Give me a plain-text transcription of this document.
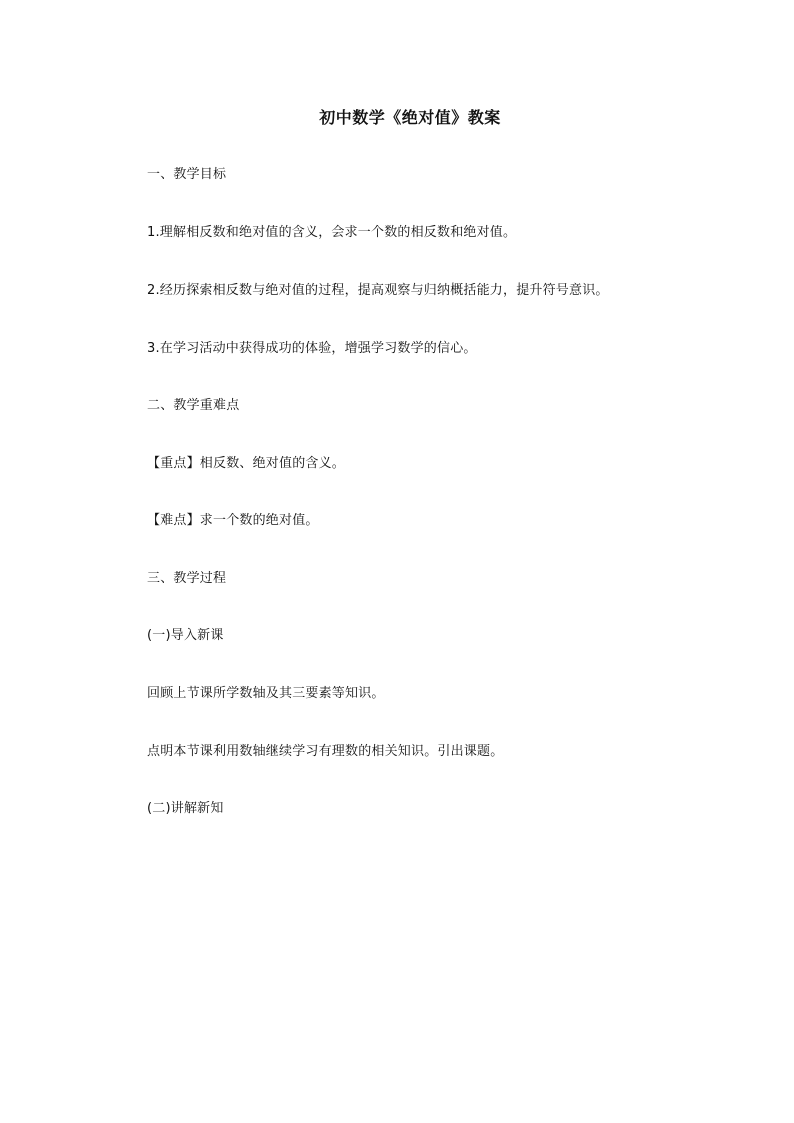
初中数学《绝对值》教案
一、教学目标
1.理解相反数和绝对值的含义，会求一个数的相反数和绝对值。
2.经历探索相反数与绝对值的过程，提高观察与归纳概括能力，提升符号意识。
3.在学习活动中获得成功的体验，增强学习数学的信心。
二、教学重难点
【重点】相反数、绝对值的含义。
【难点】求一个数的绝对值。
三、教学过程
(一)导入新课
回顾上节课所学数轴及其三要素等知识。
点明本节课利用数轴继续学习有理数的相关知识。引出课题。
(二)讲解新知
